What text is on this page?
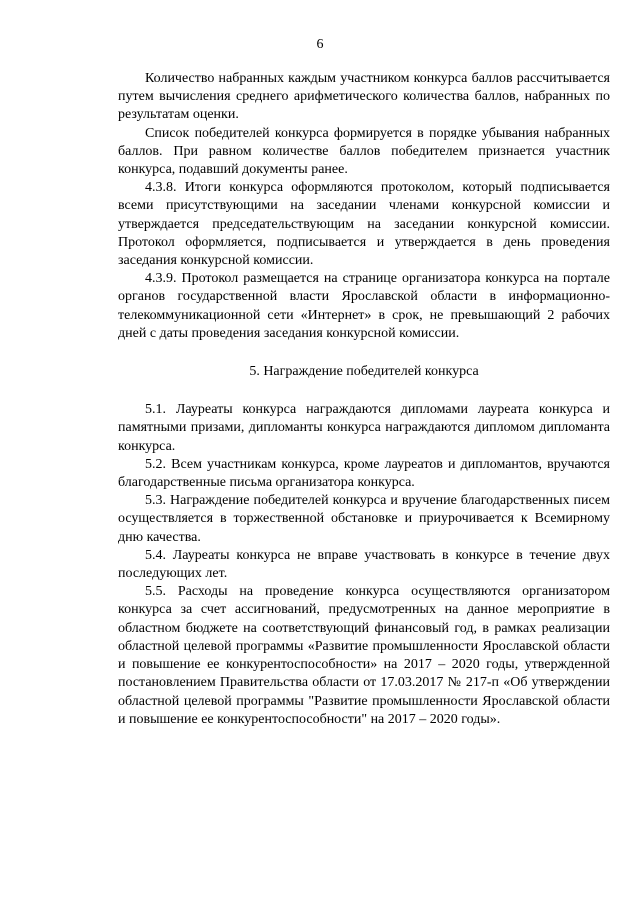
6

Количество набранных каждым участником конкурса баллов рассчитывается путем вычисления среднего арифметического количества баллов, набранных по результатам оценки.

Список победителей конкурса формируется в порядке убывания набранных баллов. При равном количестве баллов победителем признается участник конкурса, подавший документы ранее.

4.3.8. Итоги конкурса оформляются протоколом, который подписывается всеми присутствующими на заседании членами конкурсной комиссии и утверждается председательствующим на заседании конкурсной комиссии. Протокол оформляется, подписывается и утверждается в день проведения заседания конкурсной комиссии.

4.3.9. Протокол размещается на странице организатора конкурса на портале органов государственной власти Ярославской области в информационно-телекоммуникационной сети «Интернет» в срок, не превышающий 2 рабочих дней с даты проведения заседания конкурсной комиссии.

5. Награждение победителей конкурса

5.1. Лауреаты конкурса награждаются дипломами лауреата конкурса и памятными призами, дипломанты конкурса награждаются дипломом дипломанта конкурса.

5.2. Всем участникам конкурса, кроме лауреатов и дипломантов, вручаются благодарственные письма организатора конкурса.

5.3. Награждение победителей конкурса и вручение благодарственных писем осуществляется в торжественной обстановке и приурочивается к Всемирному дню качества.

5.4. Лауреаты конкурса не вправе участвовать в конкурсе в течение двух последующих лет.

5.5. Расходы на проведение конкурса осуществляются организатором конкурса за счет ассигнований, предусмотренных на данное мероприятие в областном бюджете на соответствующий финансовый год, в рамках реализации областной целевой программы «Развитие промышленности Ярославской области и повышение ее конкурентоспособности» на 2017 – 2020 годы, утвержденной постановлением Правительства области от 17.03.2017 № 217-п «Об утверждении областной целевой программы "Развитие промышленности Ярославской области и повышение ее конкурентоспособности" на 2017 – 2020 годы».
